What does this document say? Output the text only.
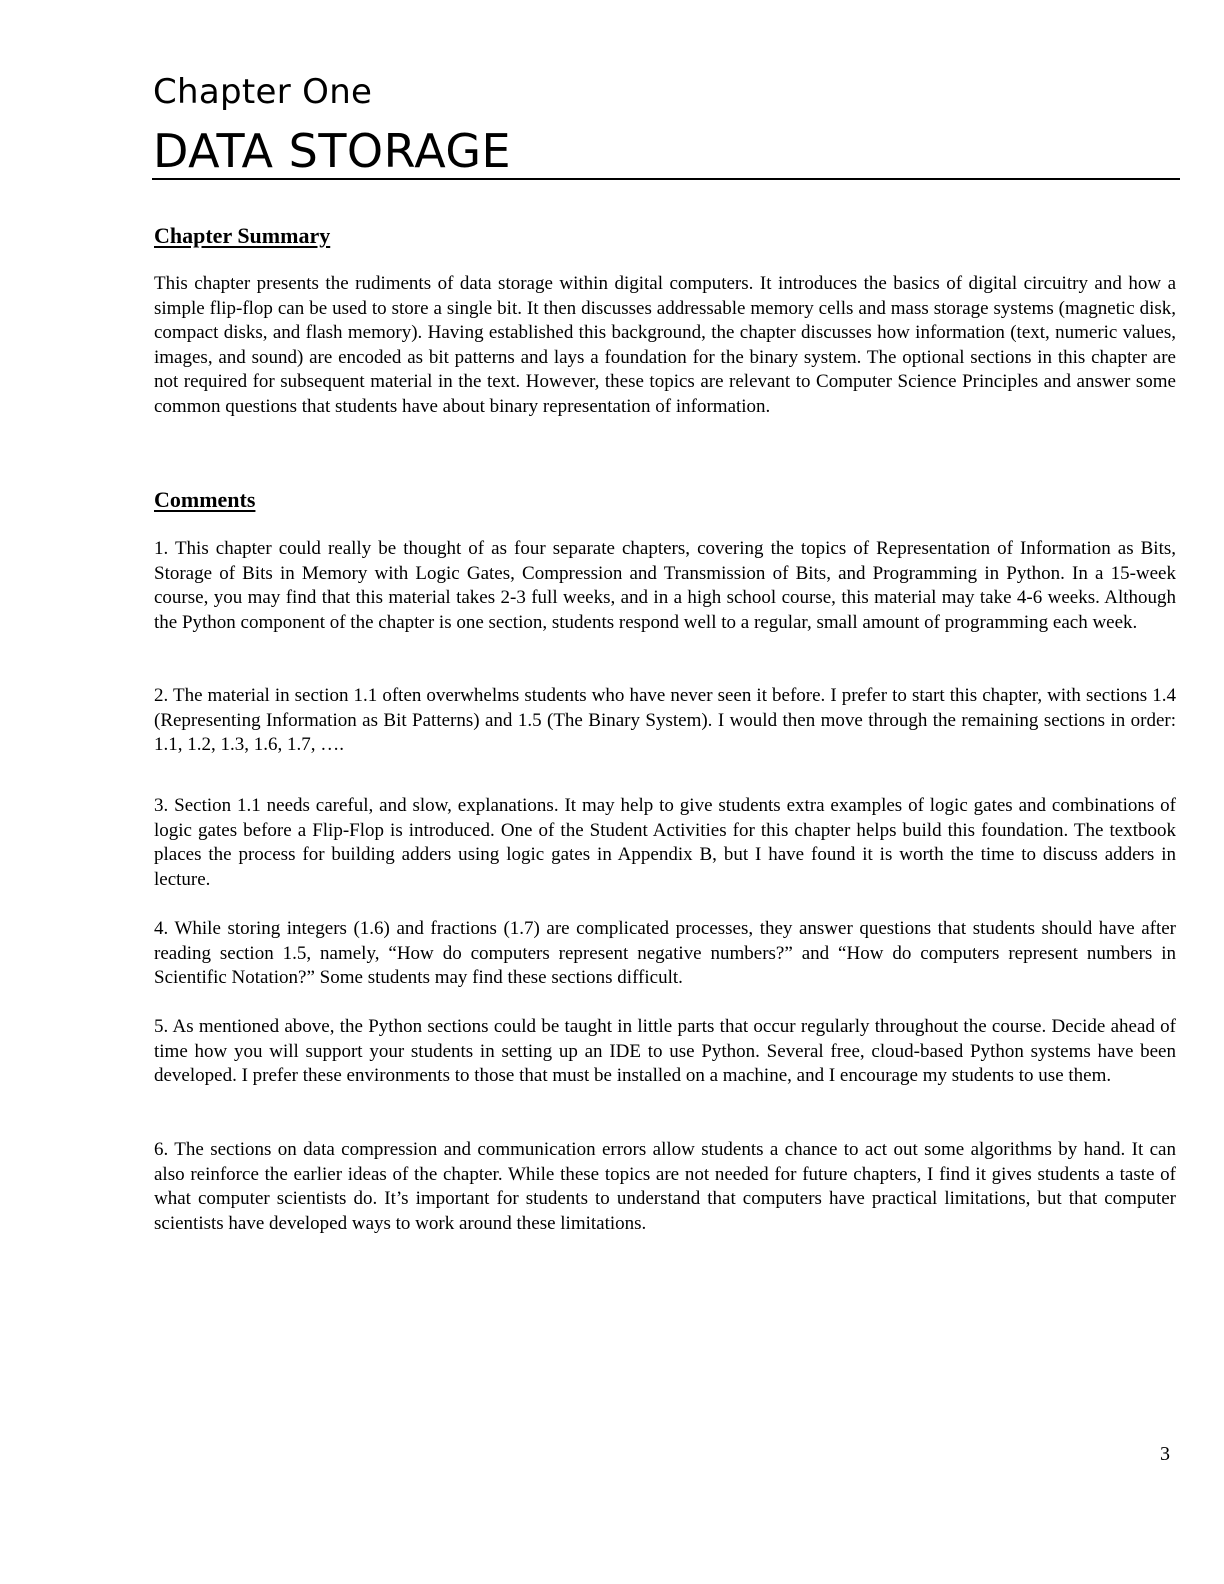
Chapter One
DATA STORAGE
Chapter Summary

This chapter presents the rudiments of data storage within digital computers. It introduces the basics of digital circuitry and how a simple flip-flop can be used to store a single bit. It then discusses addressable memory cells and mass storage systems (magnetic disk, compact disks, and flash memory). Having established this background, the chapter discusses how information (text, numeric values, images, and sound) are encoded as bit patterns and lays a foundation for the binary system. The optional sections in this chapter are not required for subsequent material in the text. However, these topics are relevant to Computer Science Principles and answer some common questions that students have about binary representation of information.

Comments

1. This chapter could really be thought of as four separate chapters, covering the topics of Representation of Information as Bits, Storage of Bits in Memory with Logic Gates, Compression and Transmission of Bits, and Programming in Python. In a 15-week course, you may find that this material takes 2-3 full weeks, and in a high school course, this material may take 4-6 weeks. Although the Python component of the chapter is one section, students respond well to a regular, small amount of programming each week.

2. The material in section 1.1 often overwhelms students who have never seen it before. I prefer to start this chapter, with sections 1.4 (Representing Information as Bit Patterns) and 1.5 (The Binary System). I would then move through the remaining sections in order: 1.1, 1.2, 1.3, 1.6, 1.7, ….

3. Section 1.1 needs careful, and slow, explanations. It may help to give students extra examples of logic gates and combinations of logic gates before a Flip-Flop is introduced. One of the Student Activities for this chapter helps build this foundation. The textbook places the process for building adders using logic gates in Appendix B, but I have found it is worth the time to discuss adders in lecture.

4. While storing integers (1.6) and fractions (1.7) are complicated processes, they answer questions that students should have after reading section 1.5, namely, “How do computers represent negative numbers?” and “How do computers represent numbers in Scientific Notation?” Some students may find these sections difficult.

5. As mentioned above, the Python sections could be taught in little parts that occur regularly throughout the course. Decide ahead of time how you will support your students in setting up an IDE to use Python. Several free, cloud-based Python systems have been developed. I prefer these environments to those that must be installed on a machine, and I encourage my students to use them.

6. The sections on data compression and communication errors allow students a chance to act out some algorithms by hand. It can also reinforce the earlier ideas of the chapter. While these topics are not needed for future chapters, I find it gives students a taste of what computer scientists do. It’s important for students to understand that computers have practical limitations, but that computer scientists have developed ways to work around these limitations.

3
